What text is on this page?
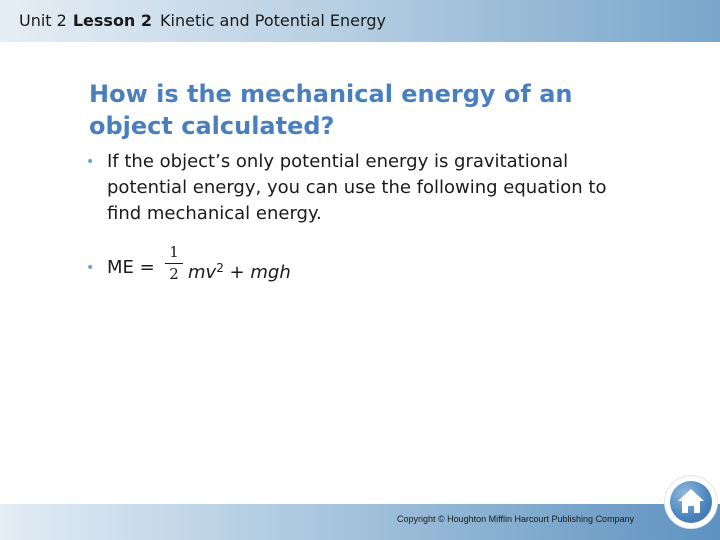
Unit 2 Lesson 2 Kinetic and Potential Energy
How is the mechanical energy of an object calculated?
• If the object’s only potential energy is gravitational potential energy, you can use the following equation to find mechanical energy.
• ME =
1
2 $mv^2$ + mgh
Copyright © Houghton Mifflin Harcourt Publishing Company
